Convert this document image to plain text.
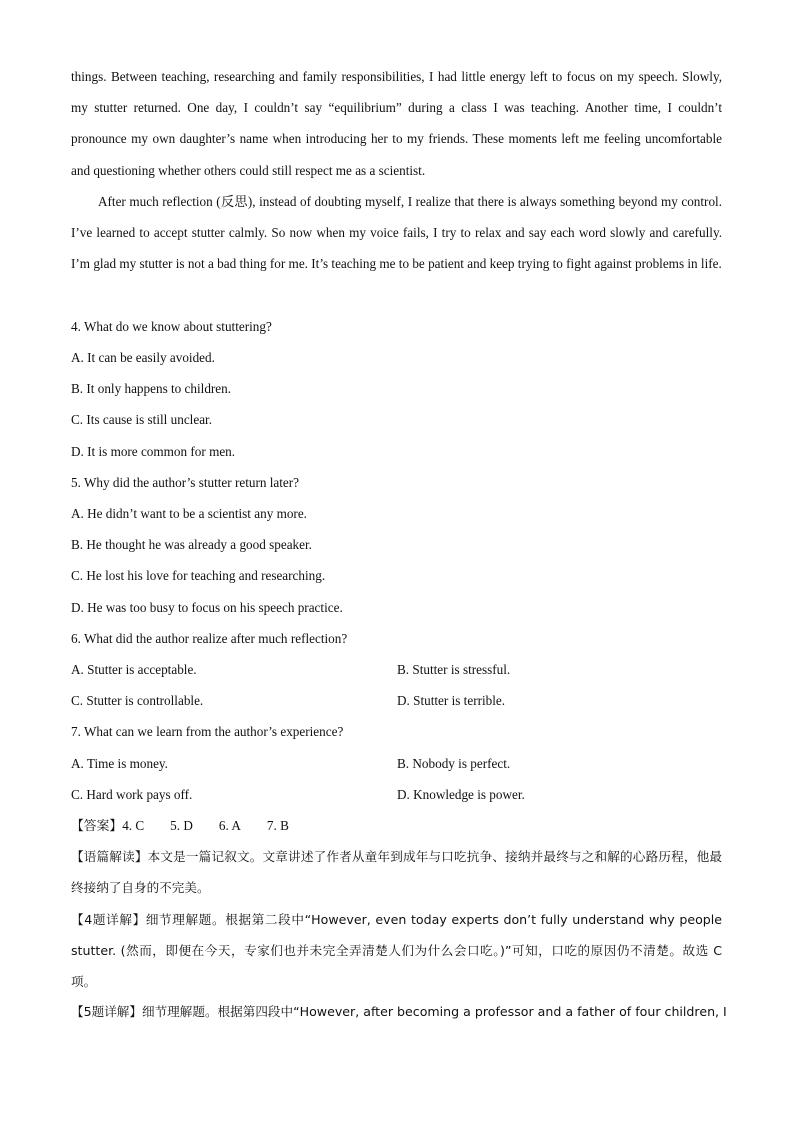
things. Between teaching, researching and family responsibilities, I had little energy left to focus on my speech. Slowly, my stutter returned. One day, I couldn’t say “equilibrium” during a class I was teaching. Another time, I couldn’t pronounce my own daughter’s name when introducing her to my friends. These moments left me feeling uncomfortable and questioning whether others could still respect me as a scientist.

After much reflection (反思), instead of doubting myself, I realize that there is always something beyond my control. I’ve learned to accept stutter calmly. So now when my voice fails, I try to relax and say each word slowly and carefully. I’m glad my stutter is not a bad thing for me. It’s teaching me to be patient and keep trying to fight against problems in life.

4. What do we know about stuttering?

A. It can be easily avoided.

B. It only happens to children.

C. Its cause is still unclear.

D. It is more common for men.

5. Why did the author’s stutter return later?

A. He didn’t want to be a scientist any more.

B. He thought he was already a good speaker.

C. He lost his love for teaching and researching.

D. He was too busy to focus on his speech practice.

6. What did the author realize after much reflection?

A. Stutter is acceptable.	B. Stutter is stressful.

C. Stutter is controllable.	D. Stutter is terrible.

7. What can we learn from the author’s experience?

A. Time is money.	B. Nobody is perfect.

C. Hard work pays off.	D. Knowledge is power.

【答案】4. C 5. D 6. A 7. B

【语篇解读】本文是一篇记叙文。文章讲述了作者从童年到成年与口吃抗争、接纳并最终与之和解的心路历程，他最终接纳了自身的不完美。

【4题详解】细节理解题。根据第二段中“However, even today experts don’t fully understand why people stutter. (然而，即便在今天，专家们也并未完全弄清楚人们为什么会口吃。)”可知，口吃的原因仍不清楚。故选 C 项。

【5题详解】细节理解题。根据第四段中“However, after becoming a professor and a father of four children, I
